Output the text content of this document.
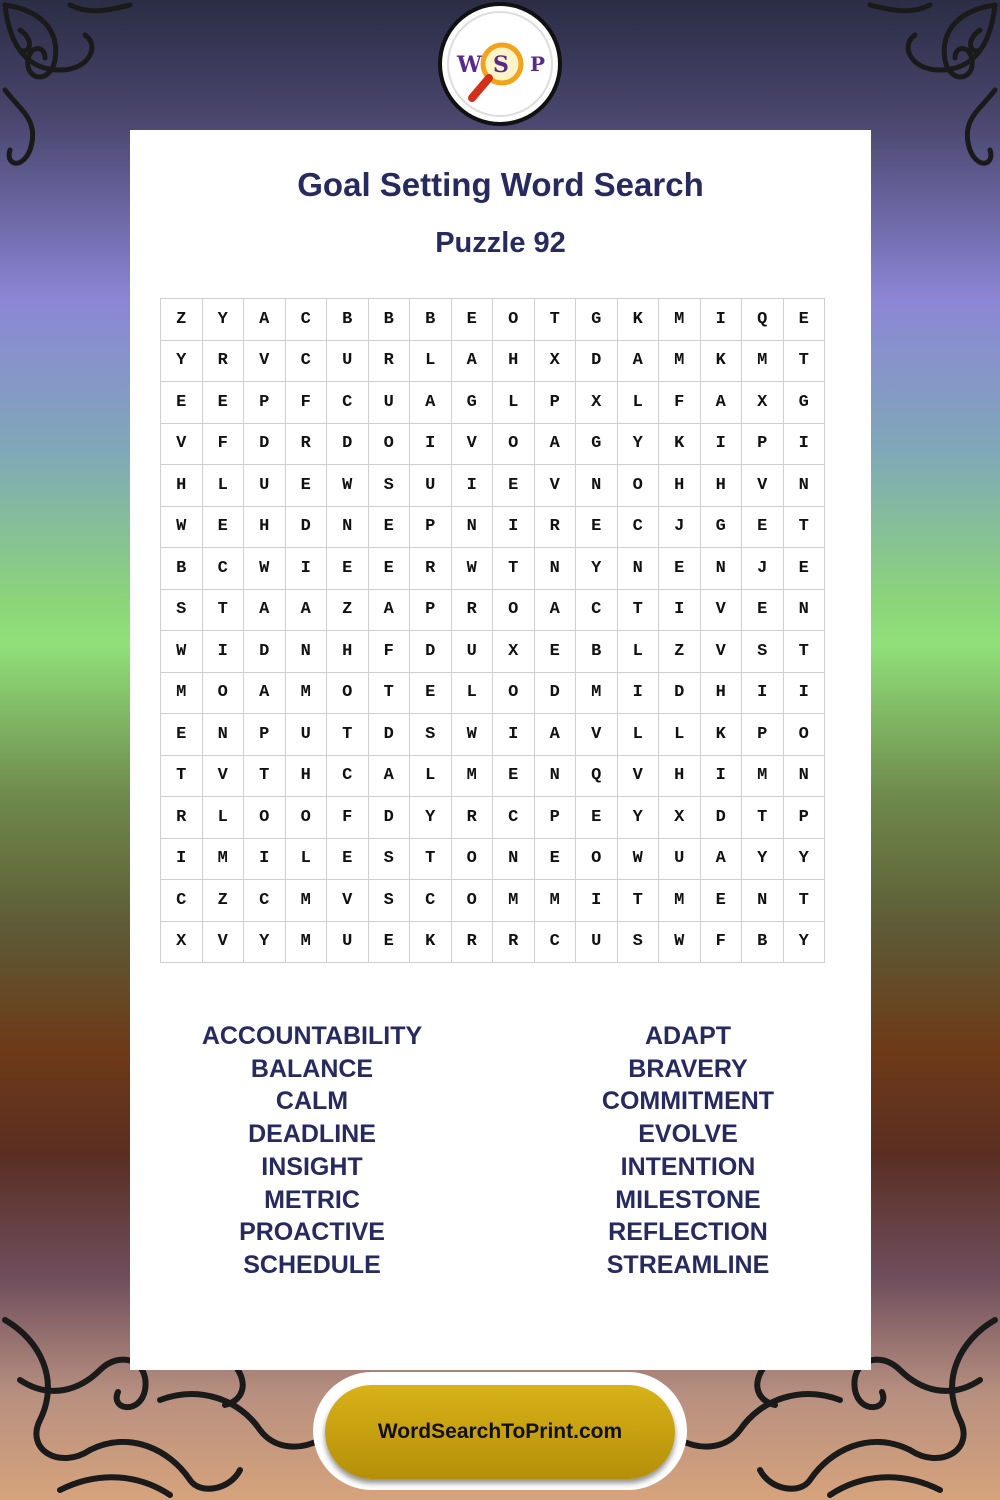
W S P
Goal Setting Word Search
Puzzle 92
Z	Y	A	C	B	B	B	E	O	T	G	K	M	I	Q	E
Y	R	V	C	U	R	L	A	H	X	D	A	M	K	M	T
E	E	P	F	C	U	A	G	L	P	X	L	F	A	X	G
V	F	D	R	D	O	I	V	O	A	G	Y	K	I	P	I
H	L	U	E	W	S	U	I	E	V	N	O	H	H	V	N
W	E	H	D	N	E	P	N	I	R	E	C	J	G	E	T
B	C	W	I	E	E	R	W	T	N	Y	N	E	N	J	E
S	T	A	A	Z	A	P	R	O	A	C	T	I	V	E	N
W	I	D	N	H	F	D	U	X	E	B	L	Z	V	S	T
M	O	A	M	O	T	E	L	O	D	M	I	D	H	I	I
E	N	P	U	T	D	S	W	I	A	V	L	L	K	P	O
T	V	T	H	C	A	L	M	E	N	Q	V	H	I	M	N
R	L	O	O	F	D	Y	R	C	P	E	Y	X	D	T	P
I	M	I	L	E	S	T	O	N	E	O	W	U	A	Y	Y
C	Z	C	M	V	S	C	O	M	M	I	T	M	E	N	T
X	V	Y	M	U	E	K	R	R	C	U	S	W	F	B	Y
ACCOUNTABILITY
BALANCE
CALM
DEADLINE
INSIGHT
METRIC
PROACTIVE
SCHEDULE
ADAPT
BRAVERY
COMMITMENT
EVOLVE
INTENTION
MILESTONE
REFLECTION
STREAMLINE
WordSearchToPrint.com
